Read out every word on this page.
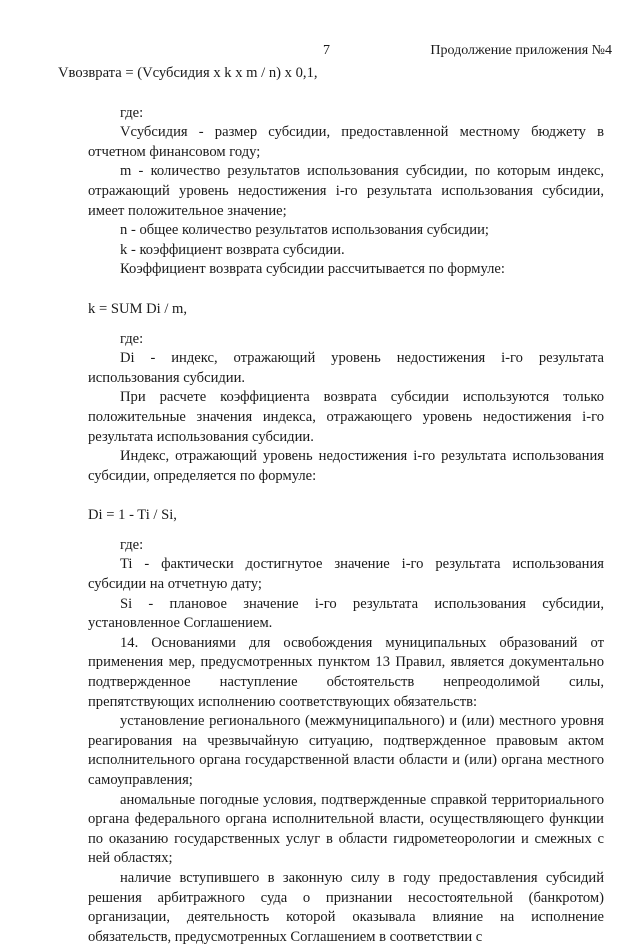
7	Продолжение приложения №4

Vвозврата = (Vсубсидия x k x m / n) x 0,1,

где:

Vсубсидия - размер субсидии, предоставленной местному бюджету в отчетном финансовом году;

m - количество результатов использования субсидии, по которым индекс, отражающий уровень недостижения i-го результата использования субсидии, имеет положительное значение;

n - общее количество результатов использования субсидии;

k - коэффициент возврата субсидии.

Коэффициент возврата субсидии рассчитывается по формуле:

k = SUM Di / m,

где:

Di - индекс, отражающий уровень недостижения i-го результата использования субсидии.

При расчете коэффициента возврата субсидии используются только положительные значения индекса, отражающего уровень недостижения i-го результата использования субсидии.

Индекс, отражающий уровень недостижения i-го результата использования субсидии, определяется по формуле:

Di = 1 - Ti / Si,

где:

Ti - фактически достигнутое значение i-го результата использования субсидии на отчетную дату;

Si - плановое значение i-го результата использования субсидии, установленное Соглашением.

14. Основаниями для освобождения муниципальных образований от применения мер, предусмотренных пунктом 13 Правил, является документально подтвержденное наступление обстоятельств непреодолимой силы, препятствующих исполнению соответствующих обязательств:

установление регионального (межмуниципального) и (или) местного уровня реагирования на чрезвычайную ситуацию, подтвержденное правовым актом исполнительного органа государственной власти области и (или) органа местного самоуправления;

аномальные погодные условия, подтвержденные справкой территориального органа федерального органа исполнительной власти, осуществляющего функции по оказанию государственных услуг в области гидрометеорологии и смежных с ней областях;

наличие вступившего в законную силу в году предоставления субсидий решения арбитражного суда о признании несостоятельной (банкротом) организации, деятельность которой оказывала влияние на исполнение обязательств, предусмотренных Соглашением в соответствии с
